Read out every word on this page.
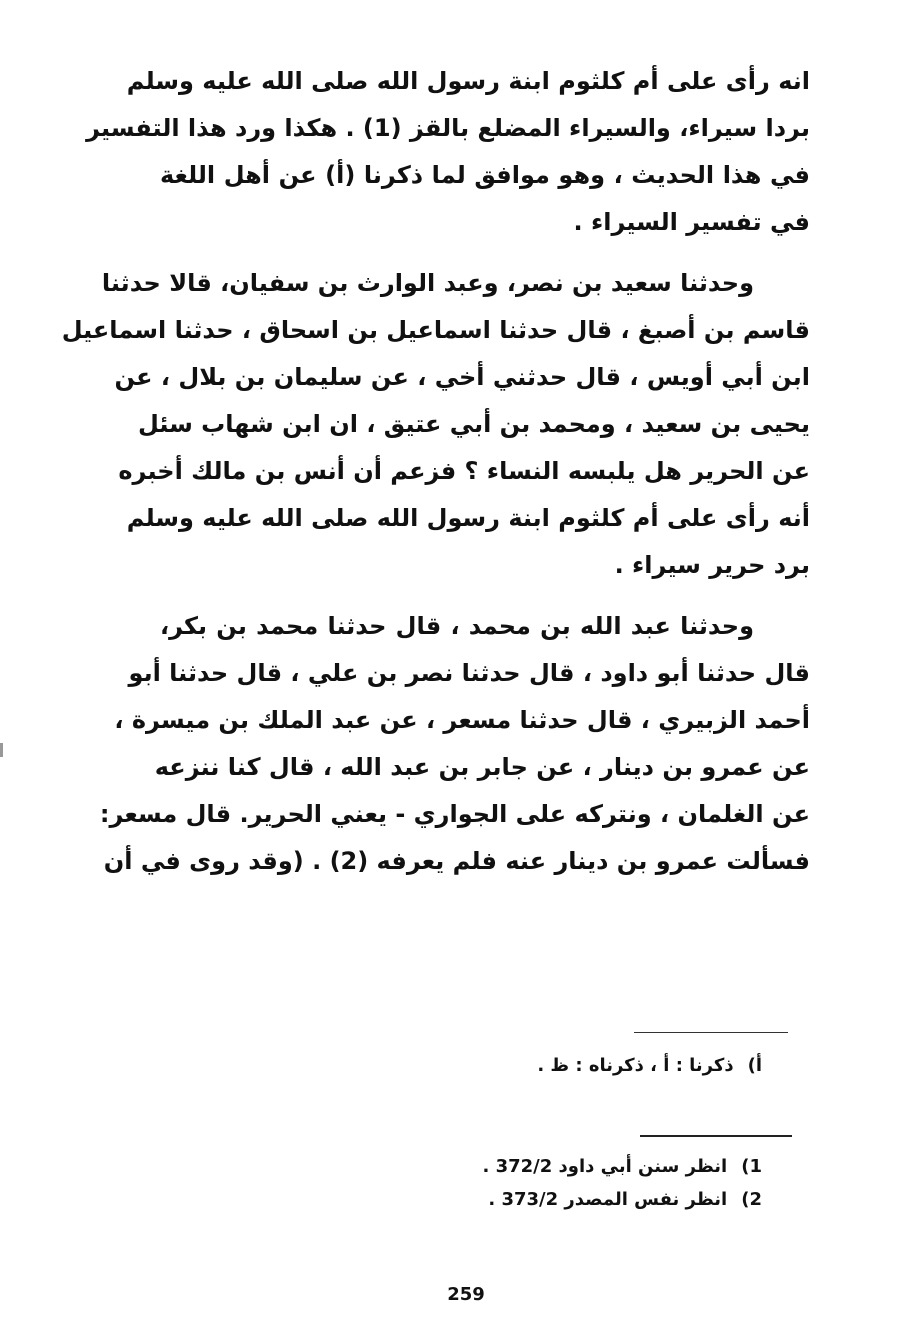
انه رأى على أم كلثوم ابنة رسول الله صلى الله عليه وسلم
بردا سيراء، والسيراء المضلع بالقز (1) . هكذا ورد هذا التفسير
في هذا الحديث ، وهو موافق لما ذكرنا (أ) عن أهل اللغة
في تفسير السيراء .
وحدثنا سعيد بن نصر، وعبد الوارث بن سفيان، قالا حدثنا
قاسم بن أصبغ ، قال حدثنا اسماعيل بن اسحاق ، حدثنا اسماعيل
ابن أبي أويس ، قال حدثني أخي ، عن سليمان بن بلال ، عن
يحيى بن سعيد ، ومحمد بن أبي عتيق ، ان ابن شهاب سئل
عن الحرير هل يلبسه النساء ؟ فزعم أن أنس بن مالك أخبره
أنه رأى على أم كلثوم ابنة رسول الله صلى الله عليه وسلم
برد حرير سيراء .
وحدثنا عبد الله بن محمد ، قال حدثنا محمد بن بكر،
قال حدثنا أبو داود ، قال حدثنا نصر بن علي ، قال حدثنا أبو
أحمد الزبيري ، قال حدثنا مسعر ، عن عبد الملك بن ميسرة ،
عن عمرو بن دينار ، عن جابر بن عبد الله ، قال كنا ننزعه
عن الغلمان ، ونتركه على الجواري - يعني الحرير. قال مسعر:
فسألت عمرو بن دينار عنه فلم يعرفه (2) . (وقد روى في أن
أ)ذكرنا : أ ، ذكرناه : ظ .
1)انظر سنن أبي داود 372/2 .
2)انظر نفس المصدر 373/2 .
259
